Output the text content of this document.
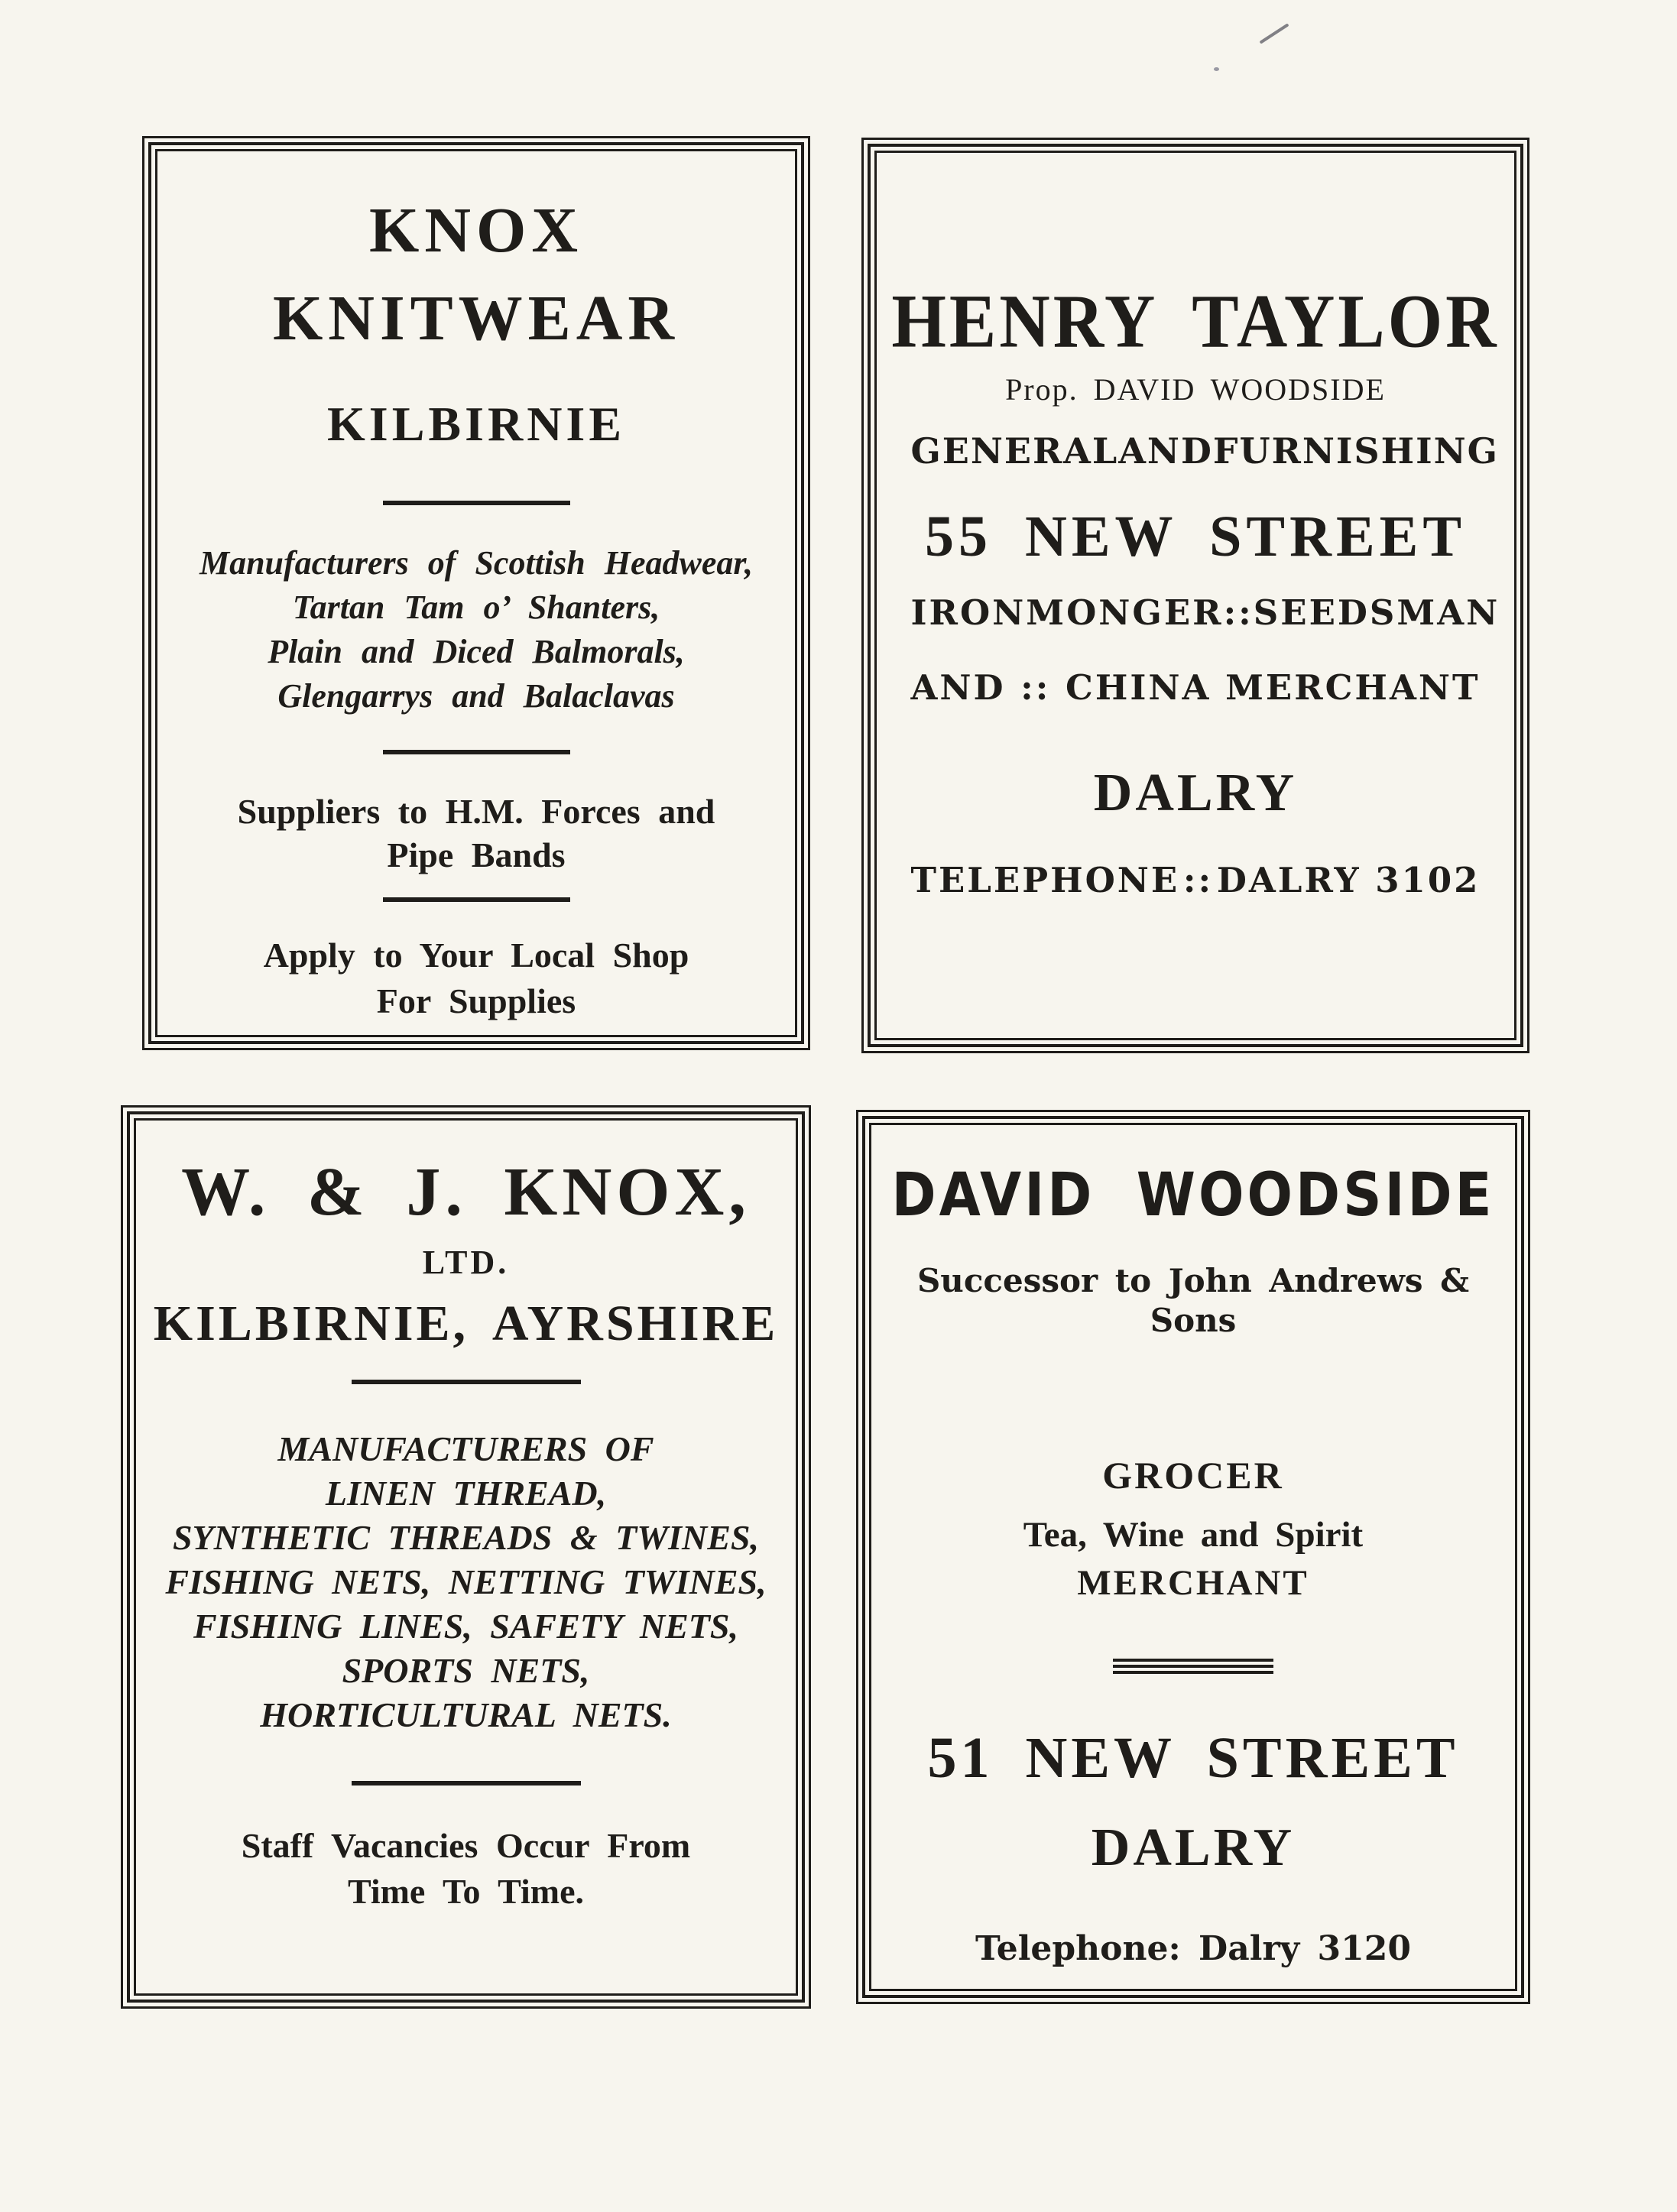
KNOX
KNITWEAR
KILBIRNIE
Manufacturers of Scottish Headwear,
Tartan Tam o’ Shanters,
Plain and Diced Balmorals,
Glengarrys and Balaclavas
Suppliers to H.M. Forces and
Pipe Bands
Apply to Your Local Shop
For Supplies
HENRY TAYLOR
Prop. DAVID WOODSIDE
GENERAL AND FURNISHING
55 NEW STREET
IRONMONGER :: SEEDSMAN
AND :: CHINA MERCHANT
DALRY
TELEPHONE :: DALRY 3102
W. & J. KNOX,
LTD.
KILBIRNIE, AYRSHIRE
MANUFACTURERS OF
LINEN THREAD,
SYNTHETIC THREADS & TWINES,
FISHING NETS, NETTING TWINES,
FISHING LINES, SAFETY NETS,
SPORTS NETS,
HORTICULTURAL NETS.
Staff Vacancies Occur From
Time To Time.
DAVID WOODSIDE
Successor to John Andrews & Sons
GROCER
Tea, Wine and Spirit
MERCHANT
51 NEW STREET
DALRY
Telephone: Dalry 3120
